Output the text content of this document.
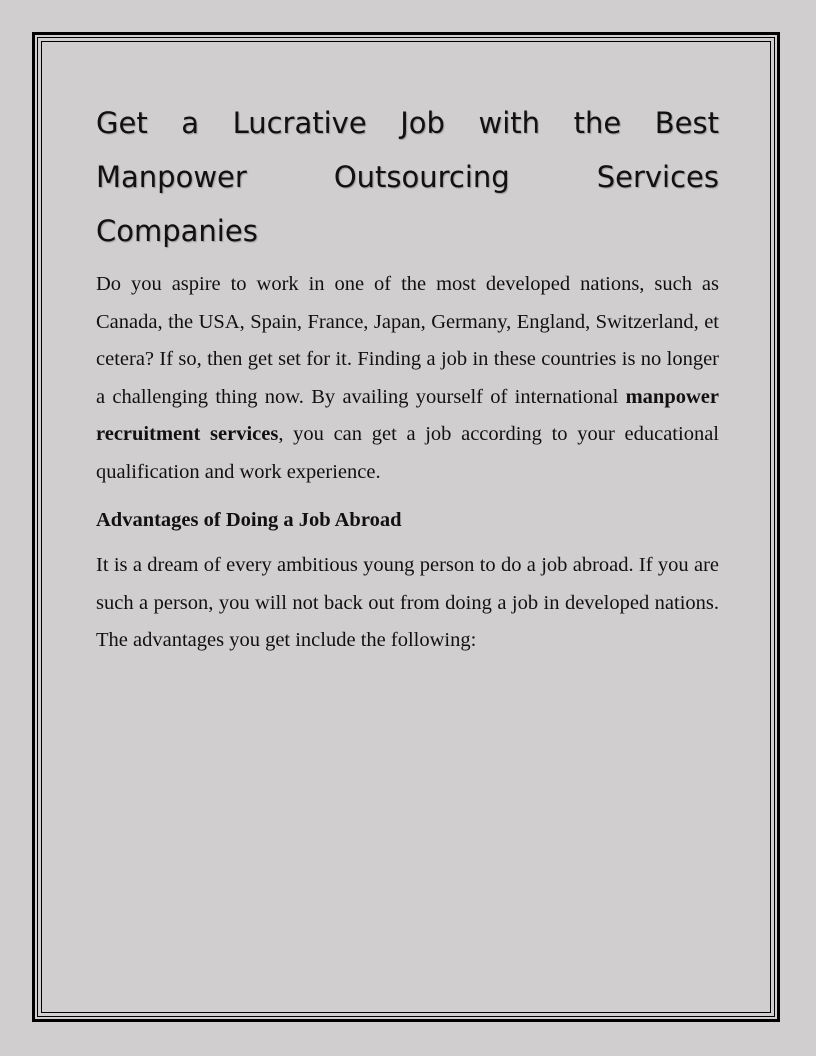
Get a Lucrative Job with the Best
Manpower Outsourcing Services
Companies

Do you aspire to work in one of the most developed nations, such as Canada, the USA, Spain, France, Japan, Germany, England, Switzerland, et cetera? If so, then get set for it. Finding a job in these countries is no longer a challenging thing now. By availing yourself of international manpower recruitment services, you can get a job according to your educational qualification and work experience.

Advantages of Doing a Job Abroad

It is a dream of every ambitious young person to do a job abroad. If you are such a person, you will not back out from doing a job in developed nations. The advantages you get include the following:
